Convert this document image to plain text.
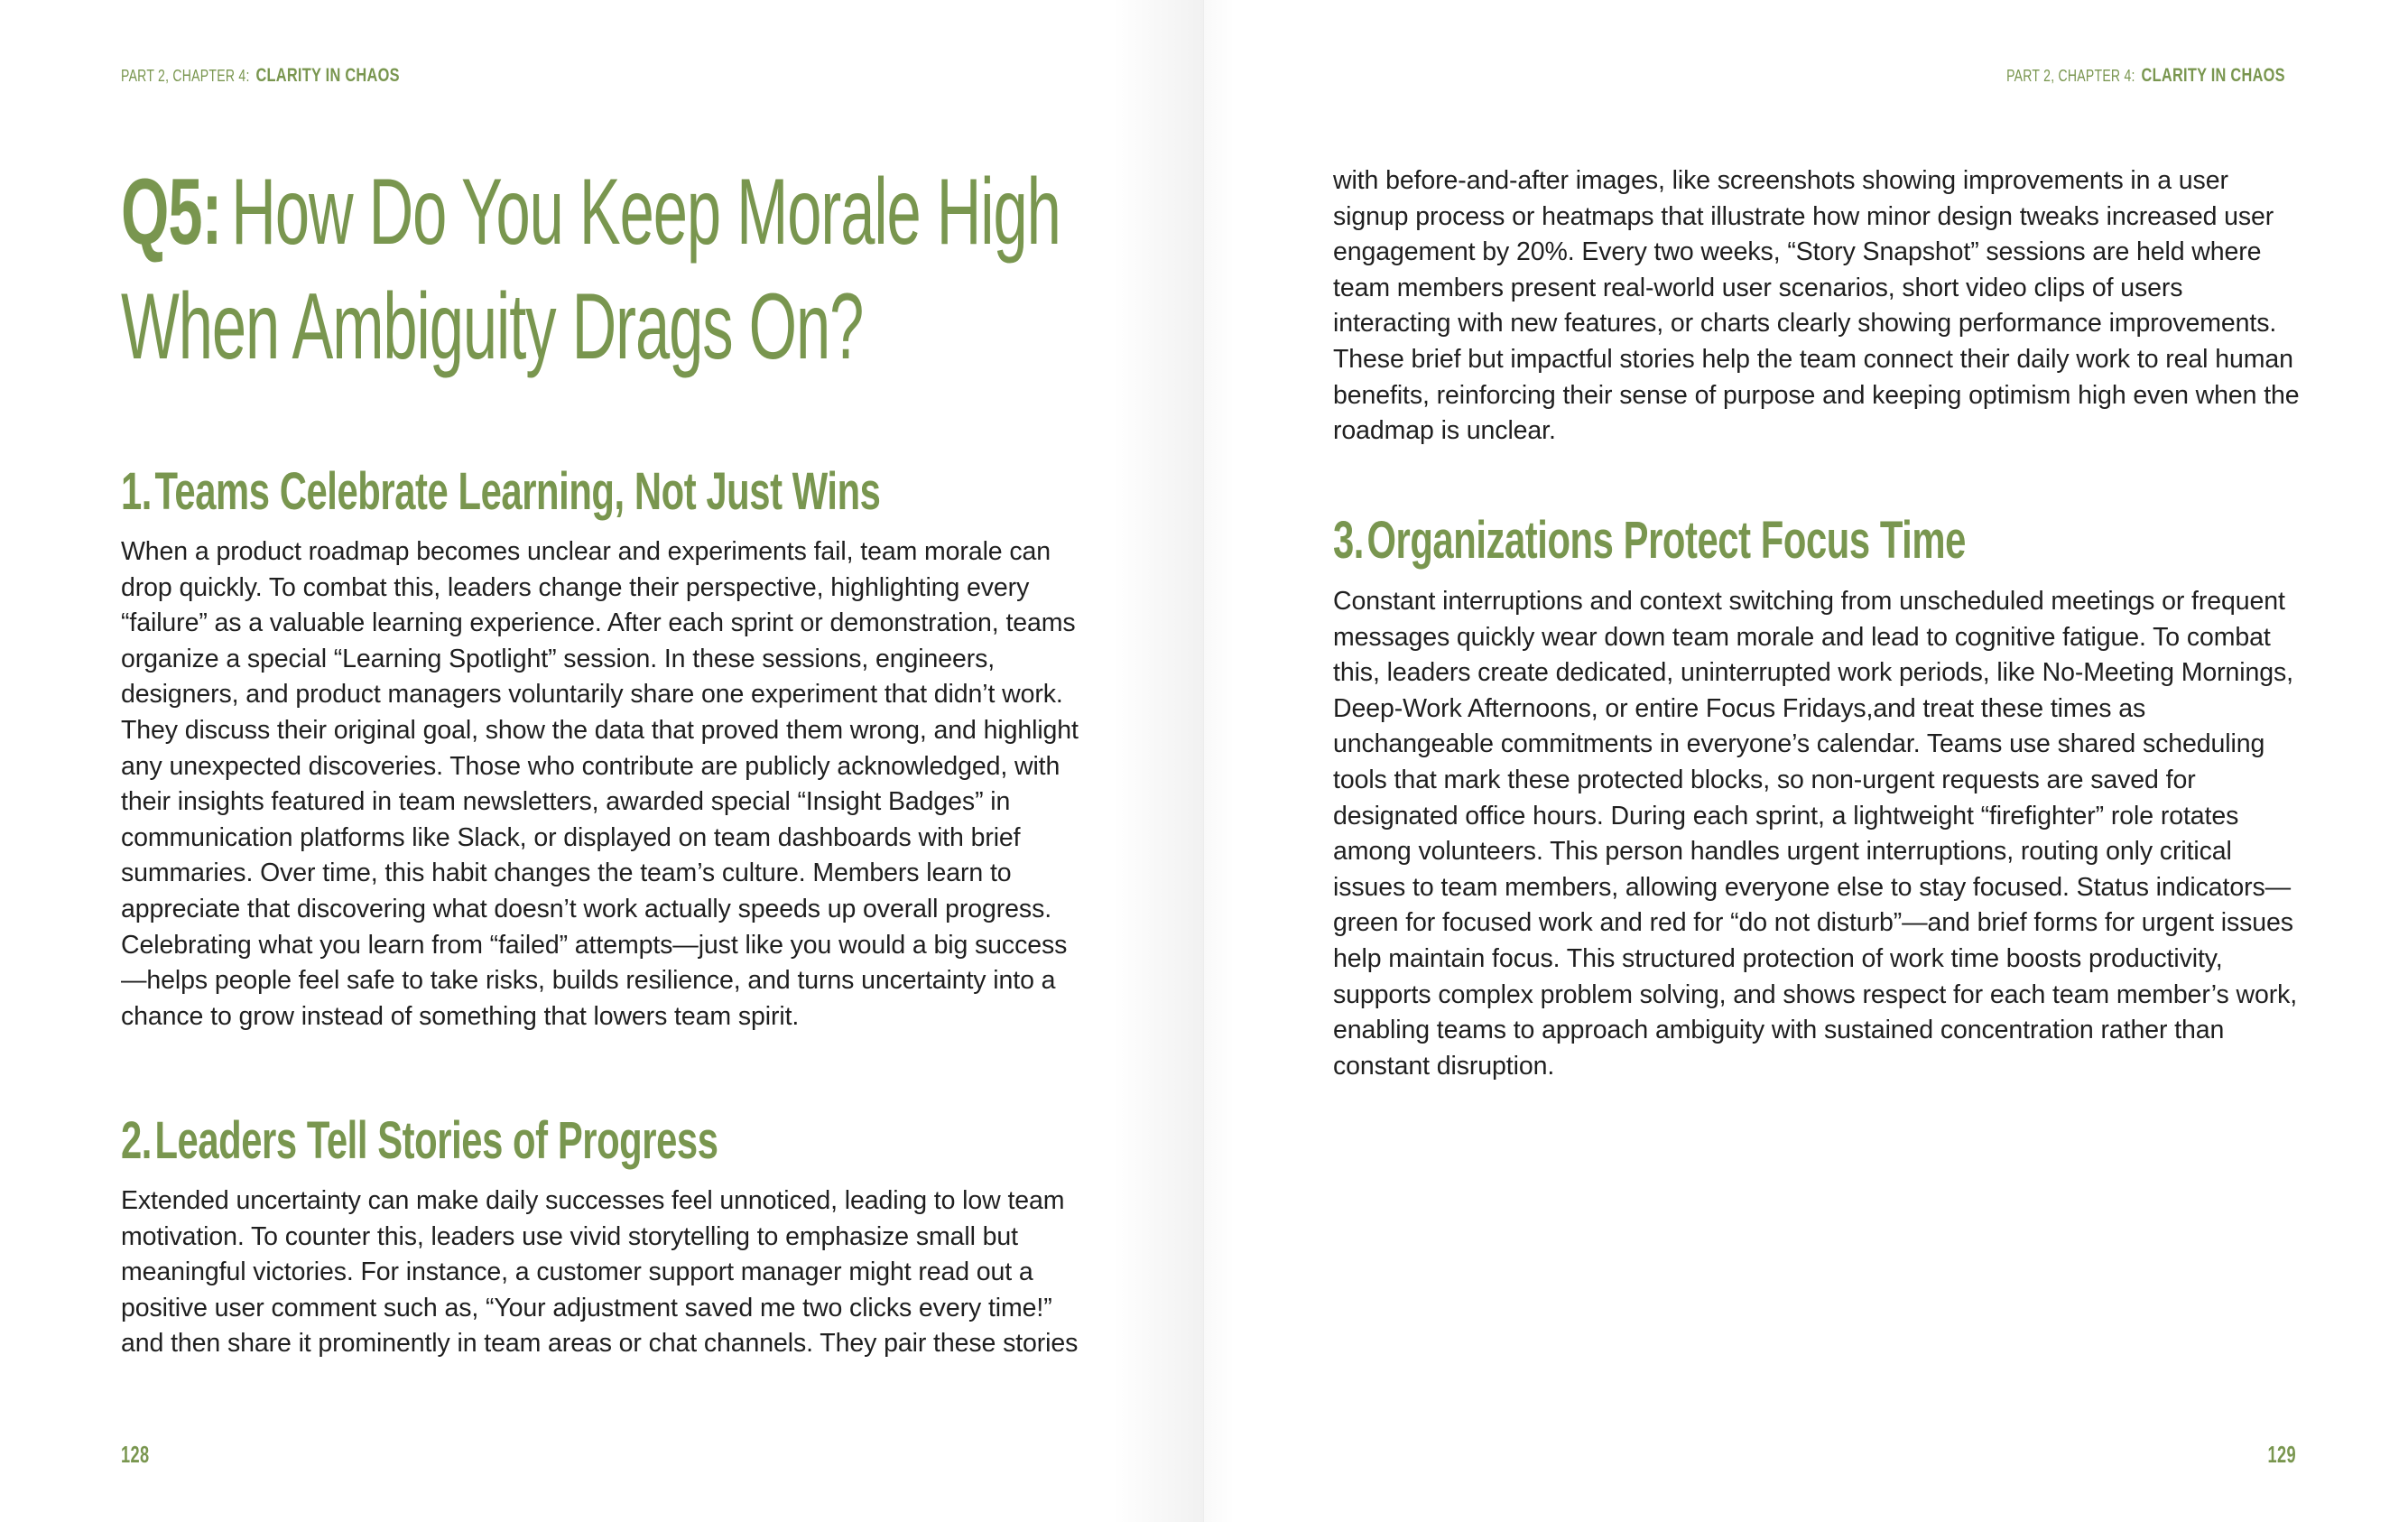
PART 2, CHAPTER 4: CLARITY IN CHAOS
Q5: How Do You Keep Morale High
When Ambiguity Drags On?
1.Teams Celebrate Learning, Not Just Wins

When a product roadmap becomes unclear and experiments fail, team morale can drop quickly. To combat this, leaders change their perspective, highlighting every “failure” as a valuable learning experience. After each sprint or demonstration, teams organize a special “Learning Spotlight” session. In these sessions, engineers, designers, and product managers voluntarily share one experiment that didn’t work. They discuss their original goal, show the data that proved them wrong, and highlight any unexpected discoveries. Those who contribute are publicly acknowledged, with their insights featured in team newsletters, awarded special “Insight Badges” in communication platforms like Slack, or displayed on team dashboards with brief summaries. Over time, this habit changes the team’s culture. Members learn to appreciate that discovering what doesn’t work actually speeds up overall progress. Celebrating what you learn from “failed” attempts—just like you would a big success—helps people feel safe to take risks, builds resilience, and turns uncertainty into a chance to grow instead of something that lowers team spirit.

2.Leaders Tell Stories of Progress

Extended uncertainty can make daily successes feel unnoticed, leading to low team motivation. To counter this, leaders use vivid storytelling to emphasize small but meaningful victories. For instance, a customer support manager might read out a positive user comment such as, “Your adjustment saved me two clicks every time!” and then share it prominently in team areas or chat channels. They pair these stories

128
PART 2, CHAPTER 4: CLARITY IN CHAOS

with before-and-after images, like screenshots showing improvements in a user signup process or heatmaps that illustrate how minor design tweaks increased user engagement by 20%. Every two weeks, “Story Snapshot” sessions are held where team members present real-world user scenarios, short video clips of users interacting with new features, or charts clearly showing performance improvements. These brief but impactful stories help the team connect their daily work to real human benefits, reinforcing their sense of purpose and keeping optimism high even when the roadmap is unclear.

3.Organizations Protect Focus Time

Constant interruptions and context switching from unscheduled meetings or frequent messages quickly wear down team morale and lead to cognitive fatigue. To combat this, leaders create dedicated, uninterrupted work periods, like No-Meeting Mornings, Deep-Work Afternoons, or entire Focus Fridays,and treat these times as unchangeable commitments in everyone’s calendar. Teams use shared scheduling tools that mark these protected blocks, so non-urgent requests are saved for designated office hours. During each sprint, a lightweight “firefighter” role rotates among volunteers. This person handles urgent interruptions, routing only critical issues to team members, allowing everyone else to stay focused. Status indicators—green for focused work and red for “do not disturb”—and brief forms for urgent issues help maintain focus. This structured protection of work time boosts productivity, supports complex problem solving, and shows respect for each team member’s work, enabling teams to approach ambiguity with sustained concentration rather than constant disruption.

129
